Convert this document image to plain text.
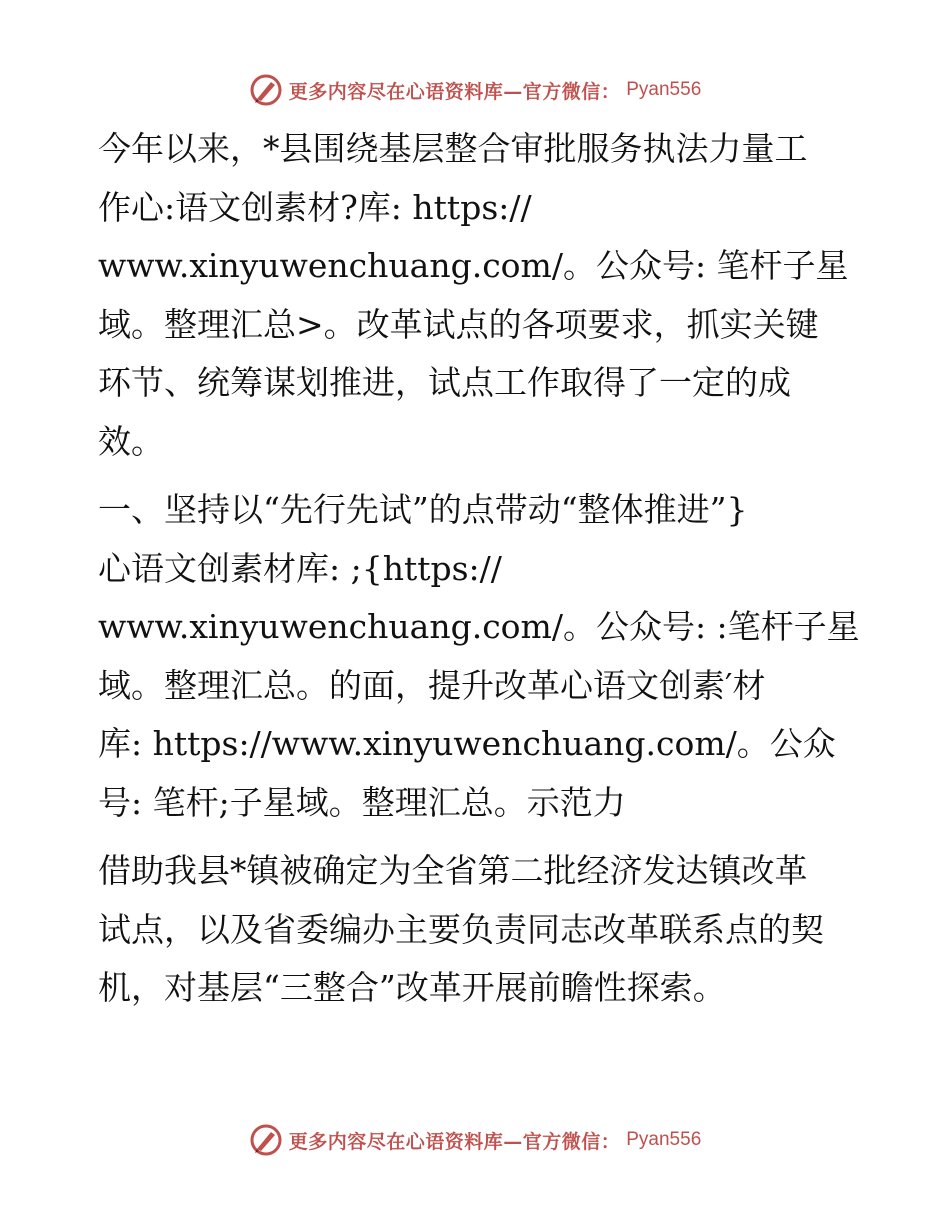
更多内容尽在心语资料库—官方微信： Pyan556

今年以来，*县围绕基层整合审批服务执法力量工
作心:语文创素材?库: https://
www.xinyuwenchuang.com/。公众号: 笔杆子星
域。整理汇总>。改革试点的各项要求，抓实关键
环节、统筹谋划推进，试点工作取得了一定的成
效。

一、坚持以“先行先试”的点带动“整体推进”}
心语文创素材库: ;{https://
www.xinyuwenchuang.com/。公众号: :笔杆子星
域。整理汇总。的面，提升改革心语文创素′材
库: https://www.xinyuwenchuang.com/。公众
号: 笔杆;子星域。整理汇总。示范力

借助我县*镇被确定为全省第二批经济发达镇改革
试点，以及省委编办主要负责同志改革联系点的契
机，对基层“三整合”改革开展前瞻性探索。

更多内容尽在心语资料库—官方微信： Pyan556
